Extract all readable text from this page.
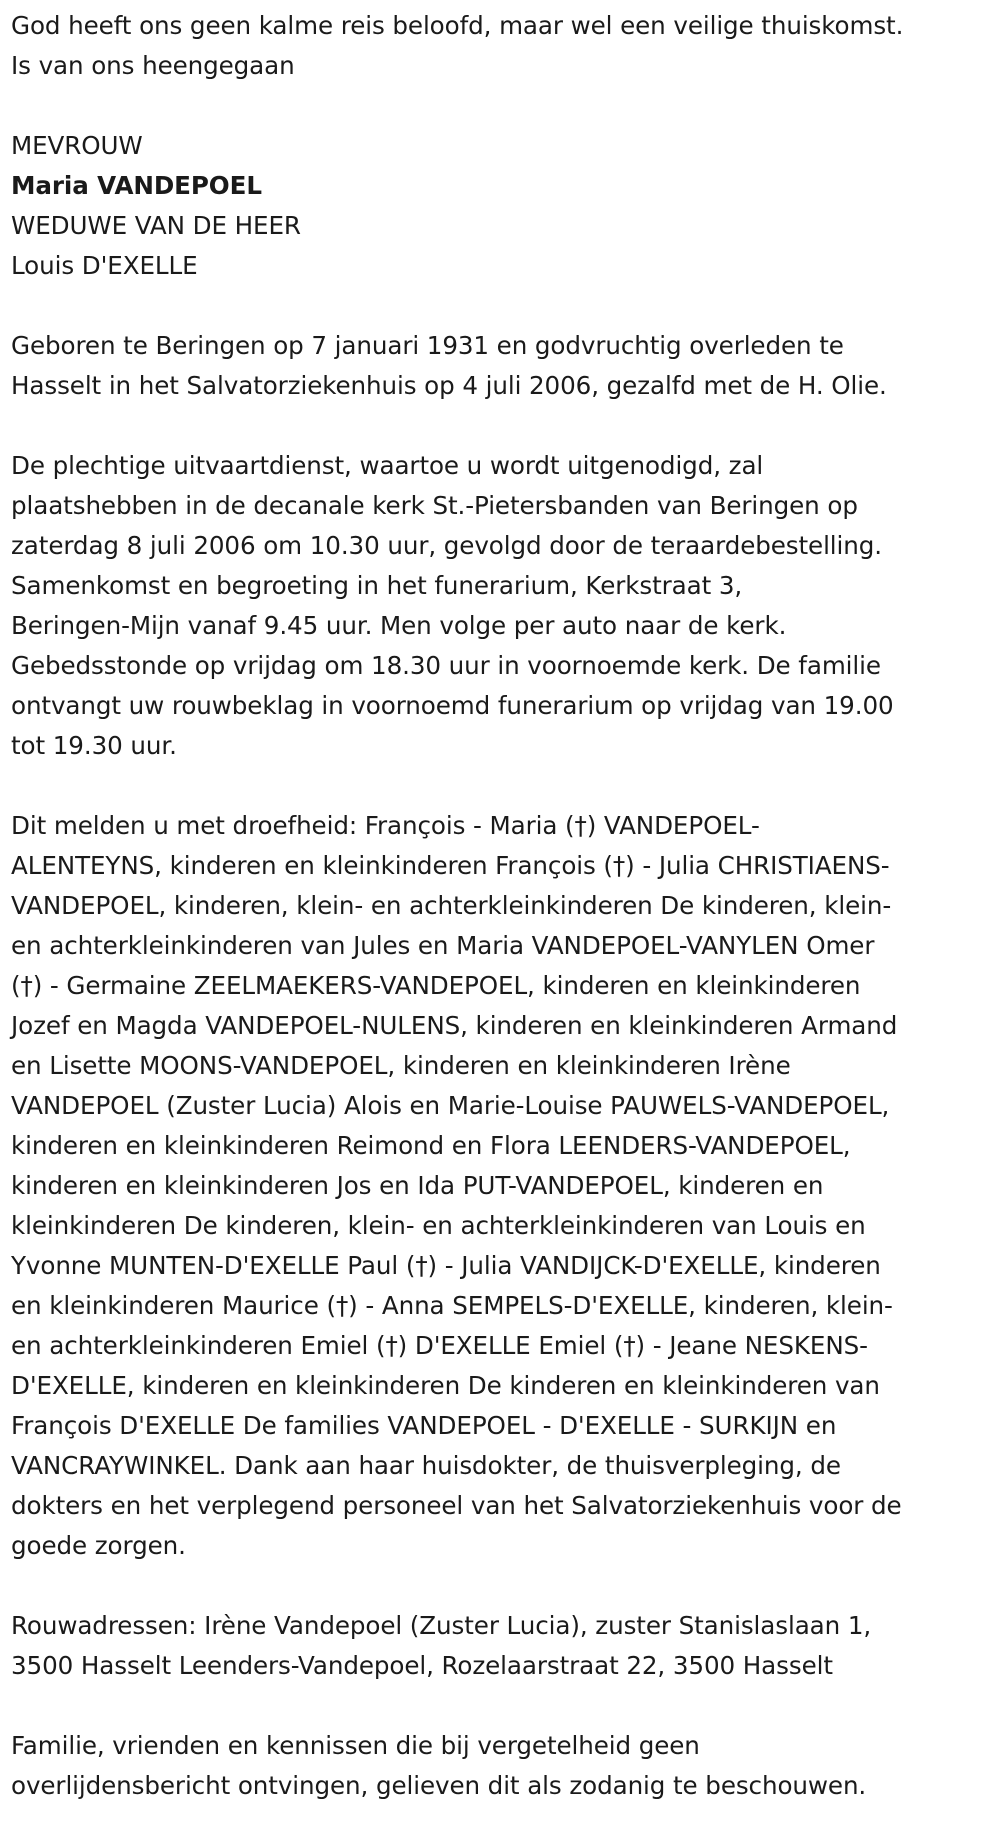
God heeft ons geen kalme reis beloofd, maar wel een veilige thuiskomst.
Is van ons heengegaan
MEVROUW
Maria VANDEPOEL
WEDUWE VAN DE HEER
Louis D'EXELLE
Geboren te Beringen op 7 januari 1931 en godvruchtig overleden te
Hasselt in het Salvatorziekenhuis op 4 juli 2006, gezalfd met de H. Olie.
De plechtige uitvaartdienst, waartoe u wordt uitgenodigd, zal
plaatshebben in de decanale kerk St.-Pietersbanden van Beringen op
zaterdag 8 juli 2006 om 10.30 uur, gevolgd door de teraardebestelling.
Samenkomst en begroeting in het funerarium, Kerkstraat 3,
Beringen-Mijn vanaf 9.45 uur. Men volge per auto naar de kerk.
Gebedsstonde op vrijdag om 18.30 uur in voornoemde kerk. De familie
ontvangt uw rouwbeklag in voornoemd funerarium op vrijdag van 19.00
tot 19.30 uur.
Dit melden u met droefheid: François - Maria (†) VANDEPOEL-
ALENTEYNS, kinderen en kleinkinderen François (†) - Julia CHRISTIAENS-
VANDEPOEL, kinderen, klein- en achterkleinkinderen De kinderen, klein-
en achterkleinkinderen van Jules en Maria VANDEPOEL-VANYLEN Omer
(†) - Germaine ZEELMAEKERS-VANDEPOEL, kinderen en kleinkinderen
Jozef en Magda VANDEPOEL-NULENS, kinderen en kleinkinderen Armand
en Lisette MOONS-VANDEPOEL, kinderen en kleinkinderen Irène
VANDEPOEL (Zuster Lucia) Alois en Marie-Louise PAUWELS-VANDEPOEL,
kinderen en kleinkinderen Reimond en Flora LEENDERS-VANDEPOEL,
kinderen en kleinkinderen Jos en Ida PUT-VANDEPOEL, kinderen en
kleinkinderen De kinderen, klein- en achterkleinkinderen van Louis en
Yvonne MUNTEN-D'EXELLE Paul (†) - Julia VANDIJCK-D'EXELLE, kinderen
en kleinkinderen Maurice (†) - Anna SEMPELS-D'EXELLE, kinderen, klein-
en achterkleinkinderen Emiel (†) D'EXELLE Emiel (†) - Jeane NESKENS-
D'EXELLE, kinderen en kleinkinderen De kinderen en kleinkinderen van
François D'EXELLE De families VANDEPOEL - D'EXELLE - SURKIJN en
VANCRAYWINKEL. Dank aan haar huisdokter, de thuisverpleging, de
dokters en het verplegend personeel van het Salvatorziekenhuis voor de
goede zorgen.
Rouwadressen: Irène Vandepoel (Zuster Lucia), zuster Stanislaslaan 1,
3500 Hasselt Leenders-Vandepoel, Rozelaarstraat 22, 3500 Hasselt
Familie, vrienden en kennissen die bij vergetelheid geen
overlijdensbericht ontvingen, gelieven dit als zodanig te beschouwen.
